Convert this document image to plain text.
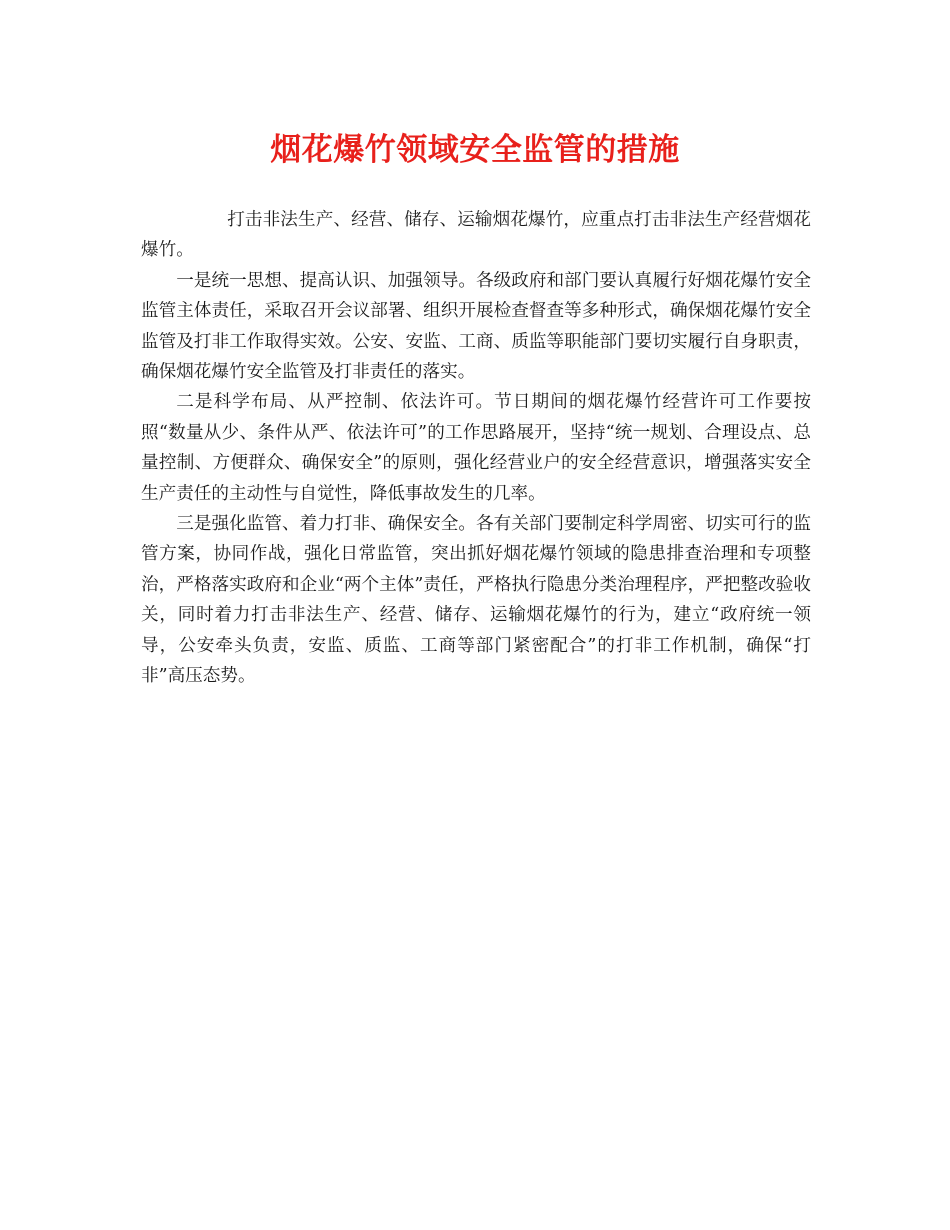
烟花爆竹领域安全监管的措施

打击非法生产、经营、储存、运输烟花爆竹，应重点打击非法生产经营烟花爆竹。

一是统一思想、提高认识、加强领导。各级政府和部门要认真履行好烟花爆竹安全监管主体责任，采取召开会议部署、组织开展检查督查等多种形式，确保烟花爆竹安全监管及打非工作取得实效。公安、安监、工商、质监等职能部门要切实履行自身职责，确保烟花爆竹安全监管及打非责任的落实。

二是科学布局、从严控制、依法许可。节日期间的烟花爆竹经营许可工作要按照“数量从少、条件从严、依法许可”的工作思路展开，坚持“统一规划、合理设点、总量控制、方便群众、确保安全”的原则，强化经营业户的安全经营意识，增强落实安全生产责任的主动性与自觉性，降低事故发生的几率。

三是强化监管、着力打非、确保安全。各有关部门要制定科学周密、切实可行的监管方案，协同作战，强化日常监管，突出抓好烟花爆竹领域的隐患排查治理和专项整治，严格落实政府和企业“两个主体”责任，严格执行隐患分类治理程序，严把整改验收关，同时着力打击非法生产、经营、储存、运输烟花爆竹的行为，建立“政府统一领导，公安牵头负责，安监、质监、工商等部门紧密配合”的打非工作机制，确保“打非”高压态势。
